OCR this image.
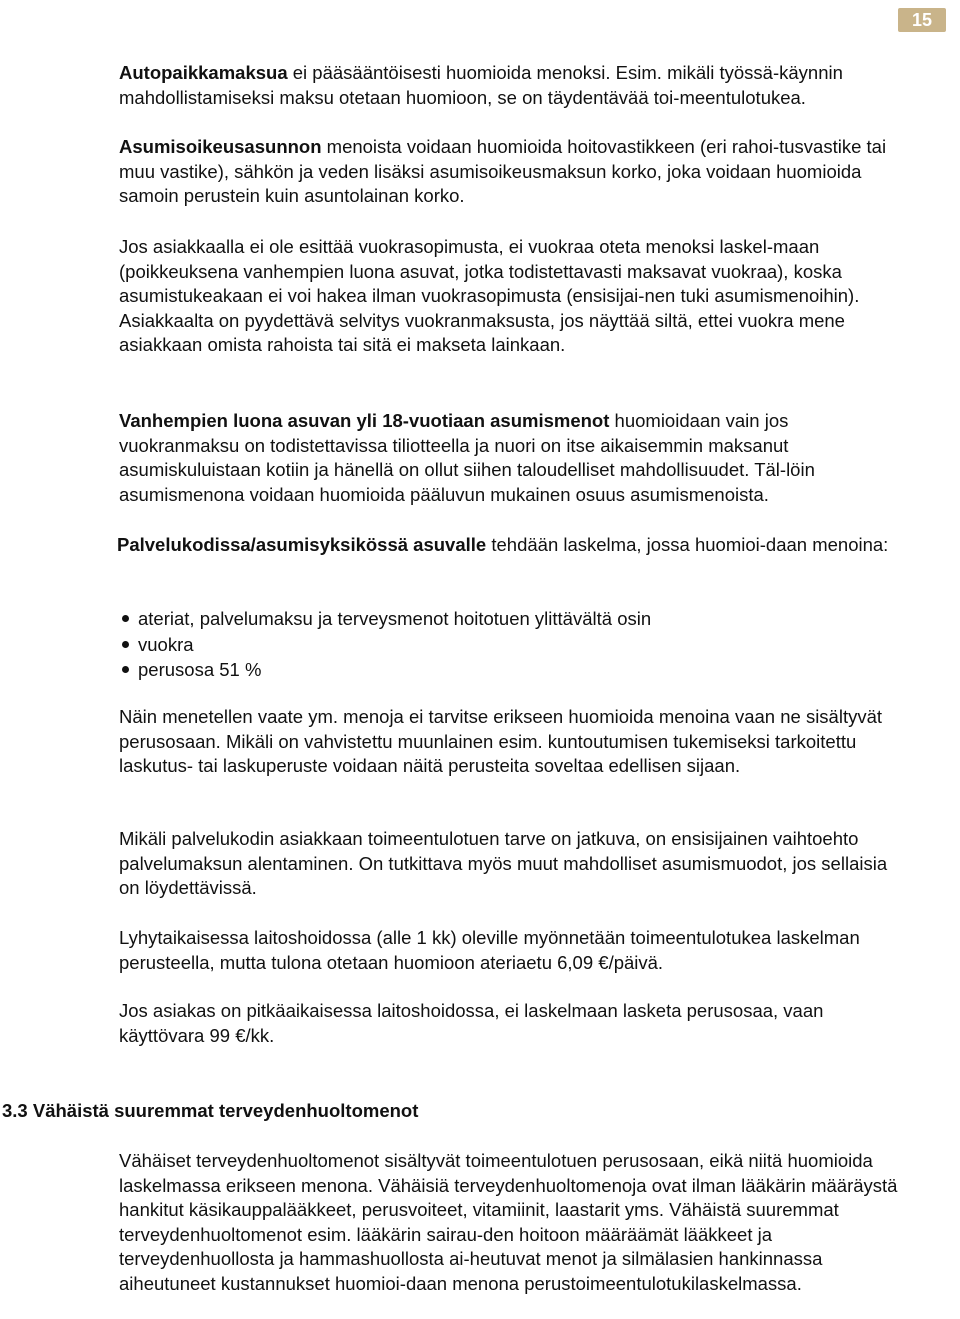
15

Autopaikkamaksua ei pääsääntöisesti huomioida menoksi. Esim. mikäli työssä-käynnin mahdollistamiseksi maksu otetaan huomioon, se on täydentävää toi-meentulotukea.

Asumisoikeusasunnon menoista voidaan huomioida hoitovastikkeen (eri rahoi-tusvastike tai muu vastike), sähkön ja veden lisäksi asumisoikeusmaksun korko, joka voidaan huomioida samoin perustein kuin asuntolainan korko.

Jos asiakkaalla ei ole esittää vuokrasopimusta, ei vuokraa oteta menoksi laskel-maan (poikkeuksena vanhempien luona asuvat, jotka todistettavasti maksavat vuokraa), koska asumistukeakaan ei voi hakea ilman vuokrasopimusta (ensisijai-nen tuki asumismenoihin). Asiakkaalta on pyydettävä selvitys vuokranmaksusta, jos näyttää siltä, ettei vuokra mene asiakkaan omista rahoista tai sitä ei makseta lainkaan.

Vanhempien luona asuvan yli 18-vuotiaan asumismenot huomioidaan vain jos vuokranmaksu on todistettavissa tiliotteella ja nuori on itse aikaisemmin maksanut asumiskuluistaan kotiin ja hänellä on ollut siihen taloudelliset mahdollisuudet. Täl-löin asumismenona voidaan huomioida pääluvun mukainen osuus asumismenoista.

Palvelukodissa/asumisyksikössä asuvalle tehdään laskelma, jossa huomioi-daan menoina:

ateriat, palvelumaksu ja terveysmenot hoitotuen ylittävältä osin
vuokra
perusosa 51 %

Näin menetellen vaate ym. menoja ei tarvitse erikseen huomioida menoina vaan ne sisältyvät perusosaan. Mikäli on vahvistettu muunlainen esim. kuntoutumisen tukemiseksi tarkoitettu laskutus- tai laskuperuste voidaan näitä perusteita soveltaa edellisen sijaan.

Mikäli palvelukodin asiakkaan toimeentulotuen tarve on jatkuva, on ensisijainen vaihtoehto palvelumaksun alentaminen. On tutkittava myös muut mahdolliset asumismuodot, jos sellaisia on löydettävissä.

Lyhytaikaisessa laitoshoidossa (alle 1 kk) oleville myönnetään toimeentulotukea laskelman perusteella, mutta tulona otetaan huomioon ateriaetu 6,09 €/päivä.

Jos asiakas on pitkäaikaisessa laitoshoidossa, ei laskelmaan lasketa perusosaa, vaan käyttövara 99 €/kk.

3.3 Vähäistä suuremmat terveydenhuoltomenot

Vähäiset terveydenhuoltomenot sisältyvät toimeentulotuen perusosaan, eikä niitä huomioida laskelmassa erikseen menona. Vähäisiä terveydenhuoltomenoja ovat ilman lääkärin määräystä hankitut käsikauppalääkkeet, perusvoiteet, vitamiinit, laastarit yms. Vähäistä suuremmat terveydenhuoltomenot esim. lääkärin sairau-den hoitoon määräämät lääkkeet ja terveydenhuollosta ja hammashuollosta ai-heutuvat menot ja silmälasien hankinnassa aiheutuneet kustannukset huomioi-daan menona perustoimeentulotukilaskelmassa.
